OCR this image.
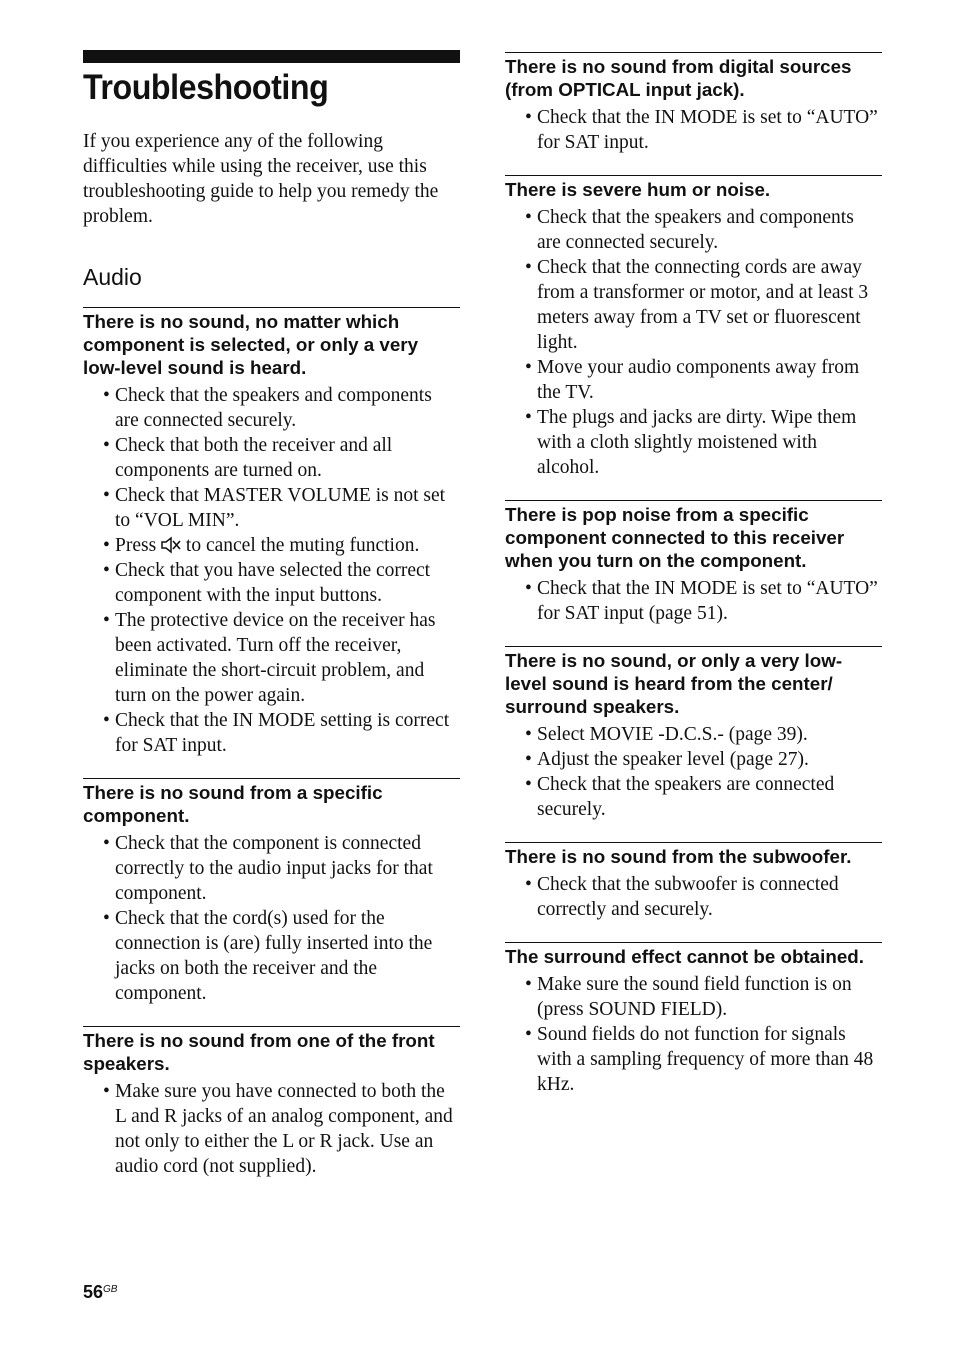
Troubleshooting

If you experience any of the following difficulties while using the receiver, use this troubleshooting guide to help you remedy the problem.

Audio
There is no sound, no matter which component is selected, or only a very low-level sound is heard.
• Check that the speakers and components are connected securely.
• Check that both the receiver and all components are turned on.
• Check that MASTER VOLUME is not set to “VOL MIN”.
• Press to cancel the muting function.
• Check that you have selected the correct component with the input buttons.
• The protective device on the receiver has been activated. Turn off the receiver, eliminate the short-circuit problem, and turn on the power again.
• Check that the IN MODE setting is correct for SAT input.
There is no sound from a specific component.
• Check that the component is connected correctly to the audio input jacks for that component.
• Check that the cord(s) used for the connection is (are) fully inserted into the jacks on both the receiver and the component.
There is no sound from one of the front speakers.
• Make sure you have connected to both the L and R jacks of an analog component, and not only to either the L or R jack. Use an audio cord (not supplied).
There is no sound from digital sources (from OPTICAL input jack).
• Check that the IN MODE is set to “AUTO” for SAT input.
There is severe hum or noise.
• Check that the speakers and components are connected securely.
• Check that the connecting cords are away from a transformer or motor, and at least 3 meters away from a TV set or fluorescent light.
• Move your audio components away from the TV.
• The plugs and jacks are dirty. Wipe them with a cloth slightly moistened with alcohol.
There is pop noise from a specific component connected to this receiver when you turn on the component.
• Check that the IN MODE is set to “AUTO” for SAT input (page 51).
There is no sound, or only a very low-level sound is heard from the center/ surround speakers.
• Select MOVIE -D.C.S.- (page 39).
• Adjust the speaker level (page 27).
• Check that the speakers are connected securely.
There is no sound from the subwoofer.
• Check that the subwoofer is connected correctly and securely.
The surround effect cannot be obtained.
• Make sure the sound field function is on (press SOUND FIELD).
• Sound fields do not function for signals with a sampling frequency of more than 48 kHz.
$56^{GB}$
